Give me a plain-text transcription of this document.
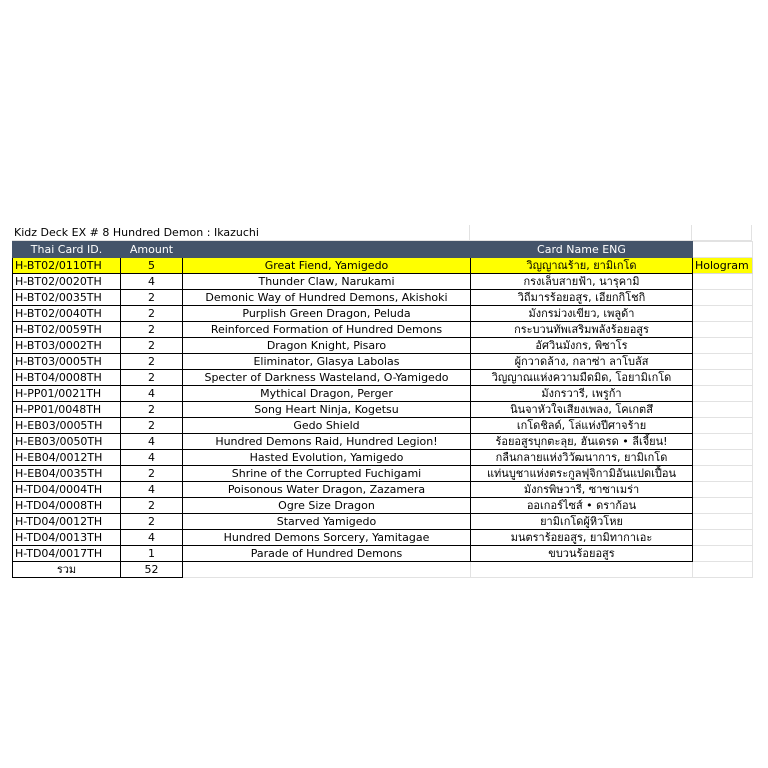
Kidz Deck EX # 8 Hundred Demon : Ikazuchi
Thai Card ID.	Amount		Card Name ENG	
H-BT02/0110TH	5	Great Fiend, Yamigedo	วิญญาณร้าย, ยามิเกโด	Hologram
H-BT02/0020TH	4	Thunder Claw, Narukami	กรงเล็บสายฟ้า, นารุคามิ	
H-BT02/0035TH	2	Demonic Way of Hundred Demons, Akishoki	วิถีมารร้อยอสูร, เอียกกิโชกิ	
H-BT02/0040TH	2	Purplish Green Dragon, Peluda	มังกรม่วงเขียว, เพลูด้า	
H-BT02/0059TH	2	Reinforced Formation of Hundred Demons	กระบวนทัพเสริมพลังร้อยอสูร	
H-BT03/0002TH	2	Dragon Knight, Pisaro	อัศวินมังกร, พิซาโร	
H-BT03/0005TH	2	Eliminator, Glasya Labolas	ผู้กวาดล้าง, กลาซ่า ลาโบลัส	
H-BT04/0008TH	2	Specter of Darkness Wasteland, O-Yamigedo	วิญญาณแห่งความมืดมิด, โอยามิเกโด	
H-PP01/0021TH	4	Mythical Dragon, Perger	มังกรวารี, เพรูก้า	
H-PP01/0048TH	2	Song Heart Ninja, Kogetsu	นินจาหัวใจเสียงเพลง, โคเกตสึ	
H-EB03/0005TH	2	Gedo Shield	เกโดชิลด์, โล่แห่งปีศาจร้าย	
H-EB03/0050TH	4	Hundred Demons Raid, Hundred Legion!	ร้อยอสูรบุกตะลุย, ฮันเดรด • ลีเจี้ยน!	
H-EB04/0012TH	4	Hasted Evolution, Yamigedo	กลืนกลายแห่งวิวัฒนาการ, ยามิเกโด	
H-EB04/0035TH	2	Shrine of the Corrupted Fuchigami	แท่นบูชาแห่งตระกูลฟุจิกามิอันแปดเปื้อน	
H-TD04/0004TH	4	Poisonous Water Dragon, Zazamera	มังกรพิษวารี, ซาซาเมร่า	
H-TD04/0008TH	2	Ogre Size Dragon	ออเกอร์ไซส์ • ดราก้อน	
H-TD04/0012TH	2	Starved Yamigedo	ยามิเกโดผู้หิวโหย	
H-TD04/0013TH	4	Hundred Demons Sorcery, Yamitagae	มนตราร้อยอสูร, ยามิทากาเอะ	
H-TD04/0017TH	1	Parade of Hundred Demons	ขบวนร้อยอสูร	
รวม	52			
